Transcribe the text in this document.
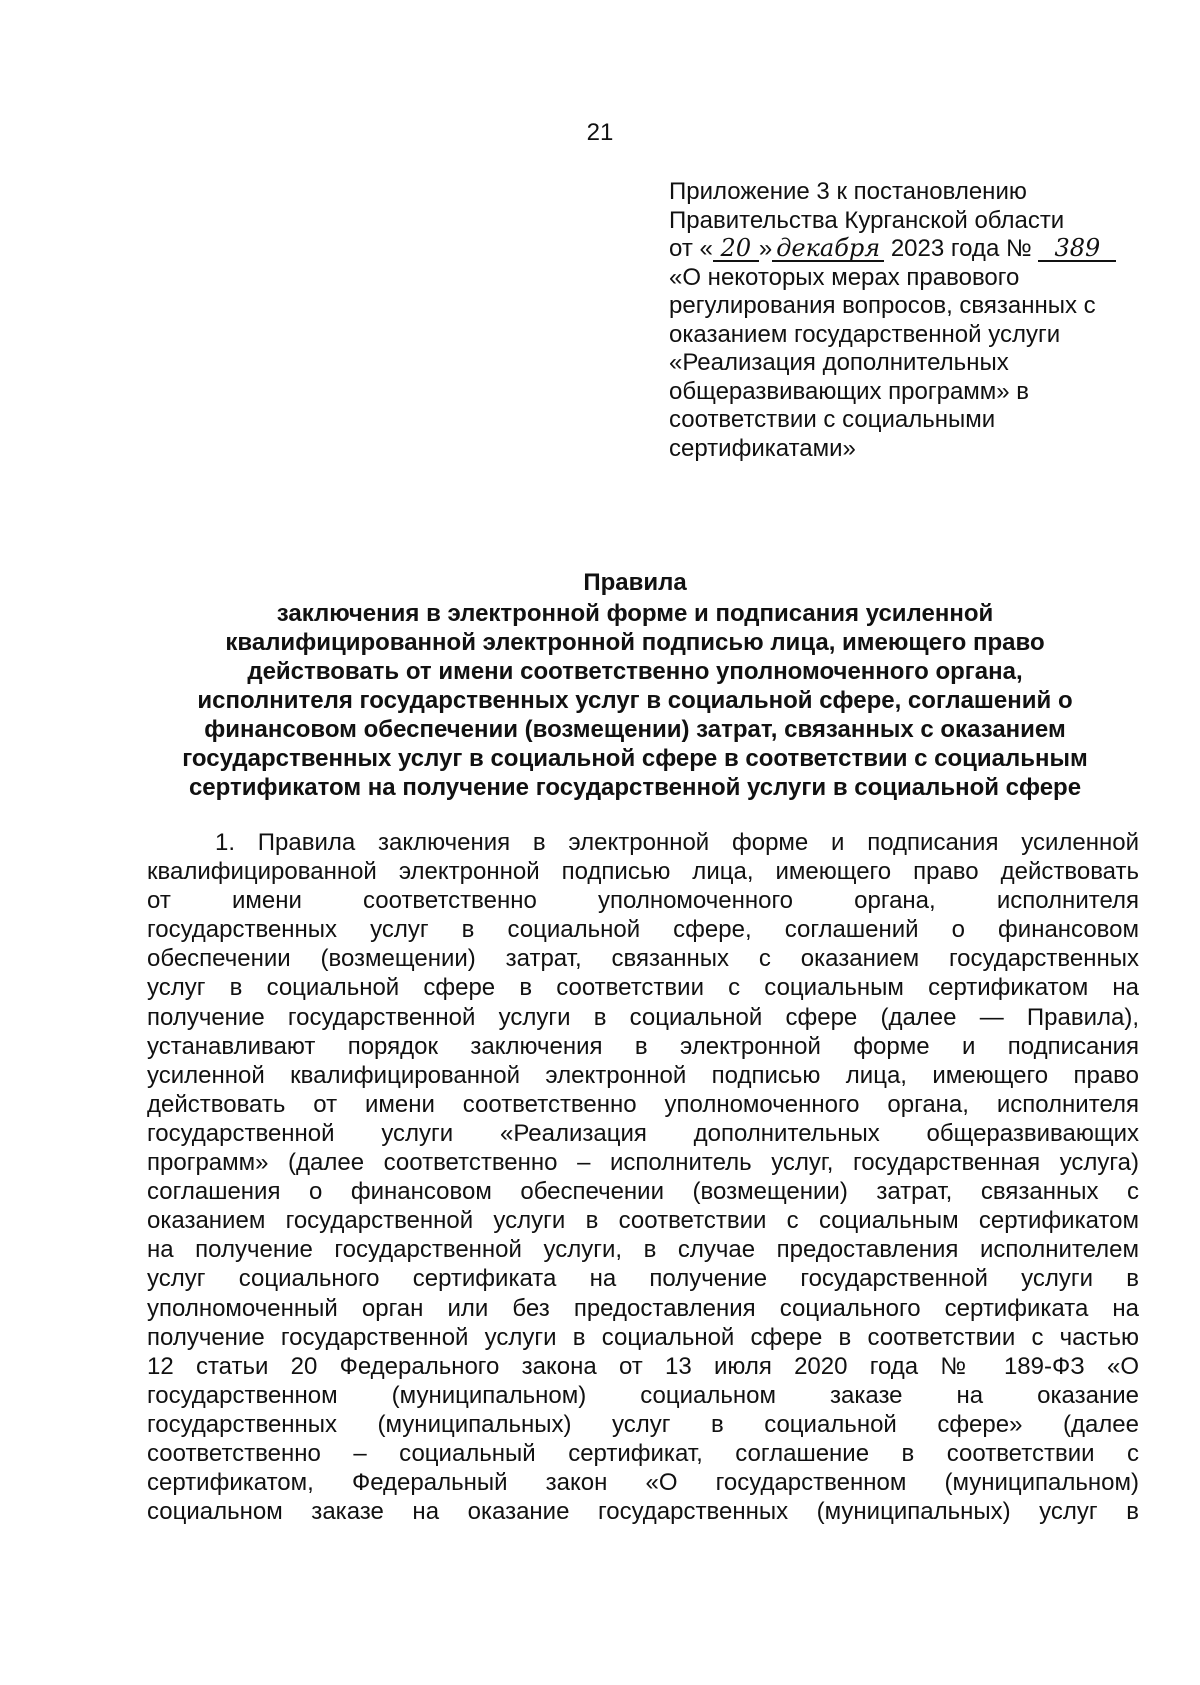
21
Приложение 3 к постановлению
Правительства Курганской области
от « 20 » декабря 2023 года № 389
«О некоторых мерах правового
регулирования вопросов, связанных с
оказанием государственной услуги
«Реализация дополнительных
общеразвивающих программ» в
соответствии с социальными
сертификатами»
Правила
заключения в электронной форме и подписания усиленной
квалифицированной электронной подписью лица, имеющего право
действовать от имени соответственно уполномоченного органа,
исполнителя государственных услуг в социальной сфере, соглашений о
финансовом обеспечении (возмещении) затрат, связанных с оказанием
государственных услуг в социальной сфере в соответствии с социальным
сертификатом на получение государственной услуги в социальной сфере
1. Правила заключения в электронной форме и подписания усиленной
квалифицированной электронной подписью лица, имеющего право действовать
от имени соответственно уполномоченного органа, исполнителя
государственных услуг в социальной сфере, соглашений о финансовом
обеспечении (возмещении) затрат, связанных с оказанием государственных
услуг в социальной сфере в соответствии с социальным сертификатом на
получение государственной услуги в социальной сфере (далее — Правила),
устанавливают порядок заключения в электронной форме и подписания
усиленной квалифицированной электронной подписью лица, имеющего право
действовать от имени соответственно уполномоченного органа, исполнителя
государственной услуги «Реализация дополнительных общеразвивающих
программ» (далее соответственно – исполнитель услуг, государственная услуга)
соглашения о финансовом обеспечении (возмещении) затрат, связанных с
оказанием государственной услуги в соответствии с социальным сертификатом
на получение государственной услуги, в случае предоставления исполнителем
услуг социального сертификата на получение государственной услуги в
уполномоченный орган или без предоставления социального сертификата на
получение государственной услуги в социальной сфере в соответствии с частью
12 статьи 20 Федерального закона от 13 июля 2020 года № 189-ФЗ «О
государственном (муниципальном) социальном заказе на оказание
государственных (муниципальных) услуг в социальной сфере» (далее
соответственно – социальный сертификат, соглашение в соответствии с
сертификатом, Федеральный закон «О государственном (муниципальном)
социальном заказе на оказание государственных (муниципальных) услуг в
